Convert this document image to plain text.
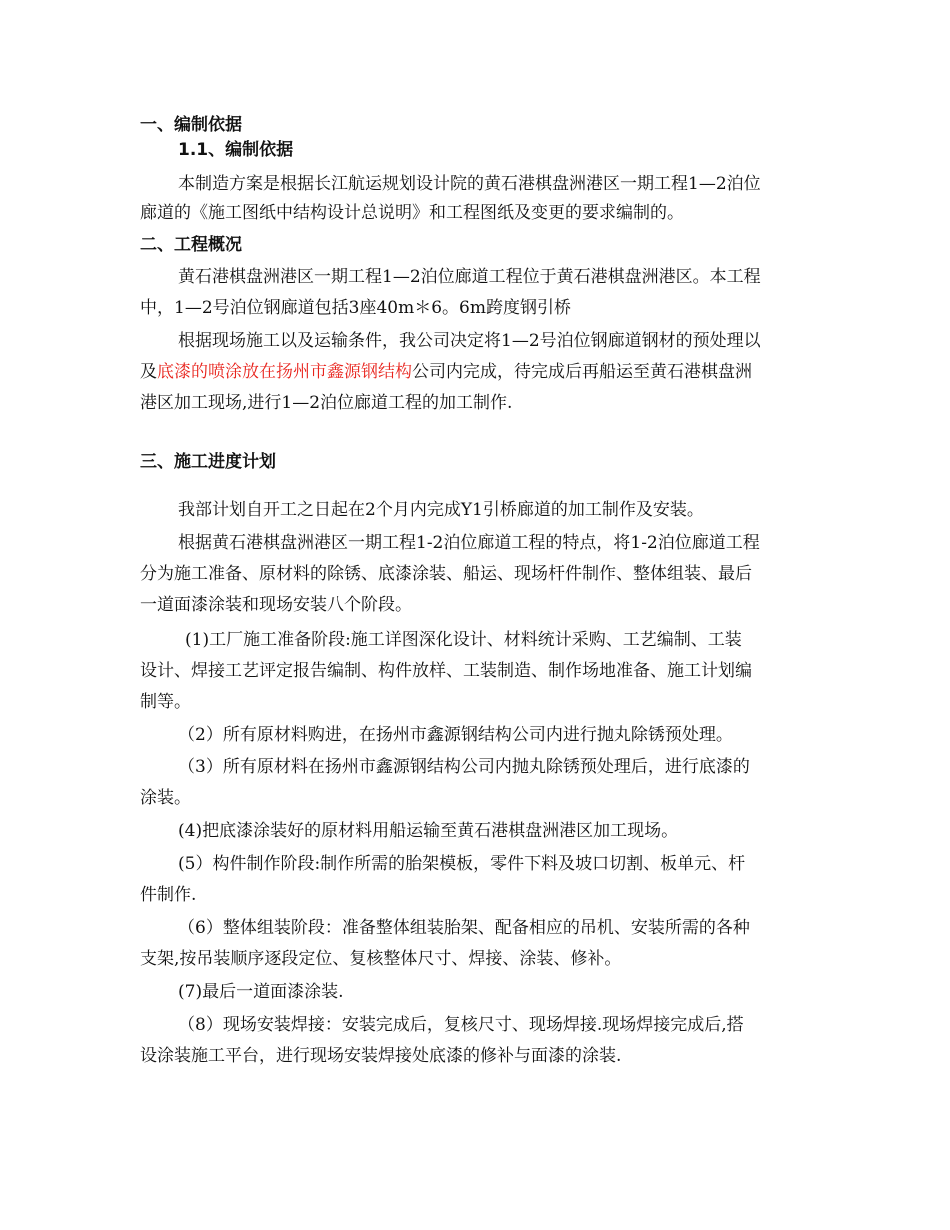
一、编制依据
1.1、编制依据
本制造方案是根据长江航运规划设计院的黄石港棋盘洲港区一期工程1—2泊位
廊道的《施工图纸中结构设计总说明》和工程图纸及变更的要求编制的。
二、工程概况
黄石港棋盘洲港区一期工程1—2泊位廊道工程位于黄石港棋盘洲港区。本工程
中，1—2号泊位钢廊道包括3座40m＊6。6m跨度钢引桥
根据现场施工以及运输条件，我公司决定将1—2号泊位钢廊道钢材的预处理以
及底漆的喷涂放在扬州市鑫源钢结构公司内完成，待完成后再船运至黄石港棋盘洲
港区加工现场,进行1—2泊位廊道工程的加工制作.
三、施工进度计划
我部计划自开工之日起在2个月内完成Y1引桥廊道的加工制作及安装。
根据黄石港棋盘洲港区一期工程1-2泊位廊道工程的特点，将1-2泊位廊道工程
分为施工准备、原材料的除锈、底漆涂装、船运、现场杆件制作、整体组装、最后
一道面漆涂装和现场安装八个阶段。
(1)工厂施工准备阶段:施工详图深化设计、材料统计采购、工艺编制、工装
设计、焊接工艺评定报告编制、构件放样、工装制造、制作场地准备、施工计划编
制等。
（2）所有原材料购进，在扬州市鑫源钢结构公司内进行抛丸除锈预处理。
（3）所有原材料在扬州市鑫源钢结构公司内抛丸除锈预处理后，进行底漆的
涂装。
(4)把底漆涂装好的原材料用船运输至黄石港棋盘洲港区加工现场。
(5）构件制作阶段:制作所需的胎架模板，零件下料及坡口切割、板单元、杆
件制作.
（6）整体组装阶段：准备整体组装胎架、配备相应的吊机、安装所需的各种
支架,按吊装顺序逐段定位、复核整体尺寸、焊接、涂装、修补。
(7)最后一道面漆涂装.
（8）现场安装焊接：安装完成后，复核尺寸、现场焊接.现场焊接完成后,搭
设涂装施工平台，进行现场安装焊接处底漆的修补与面漆的涂装.
